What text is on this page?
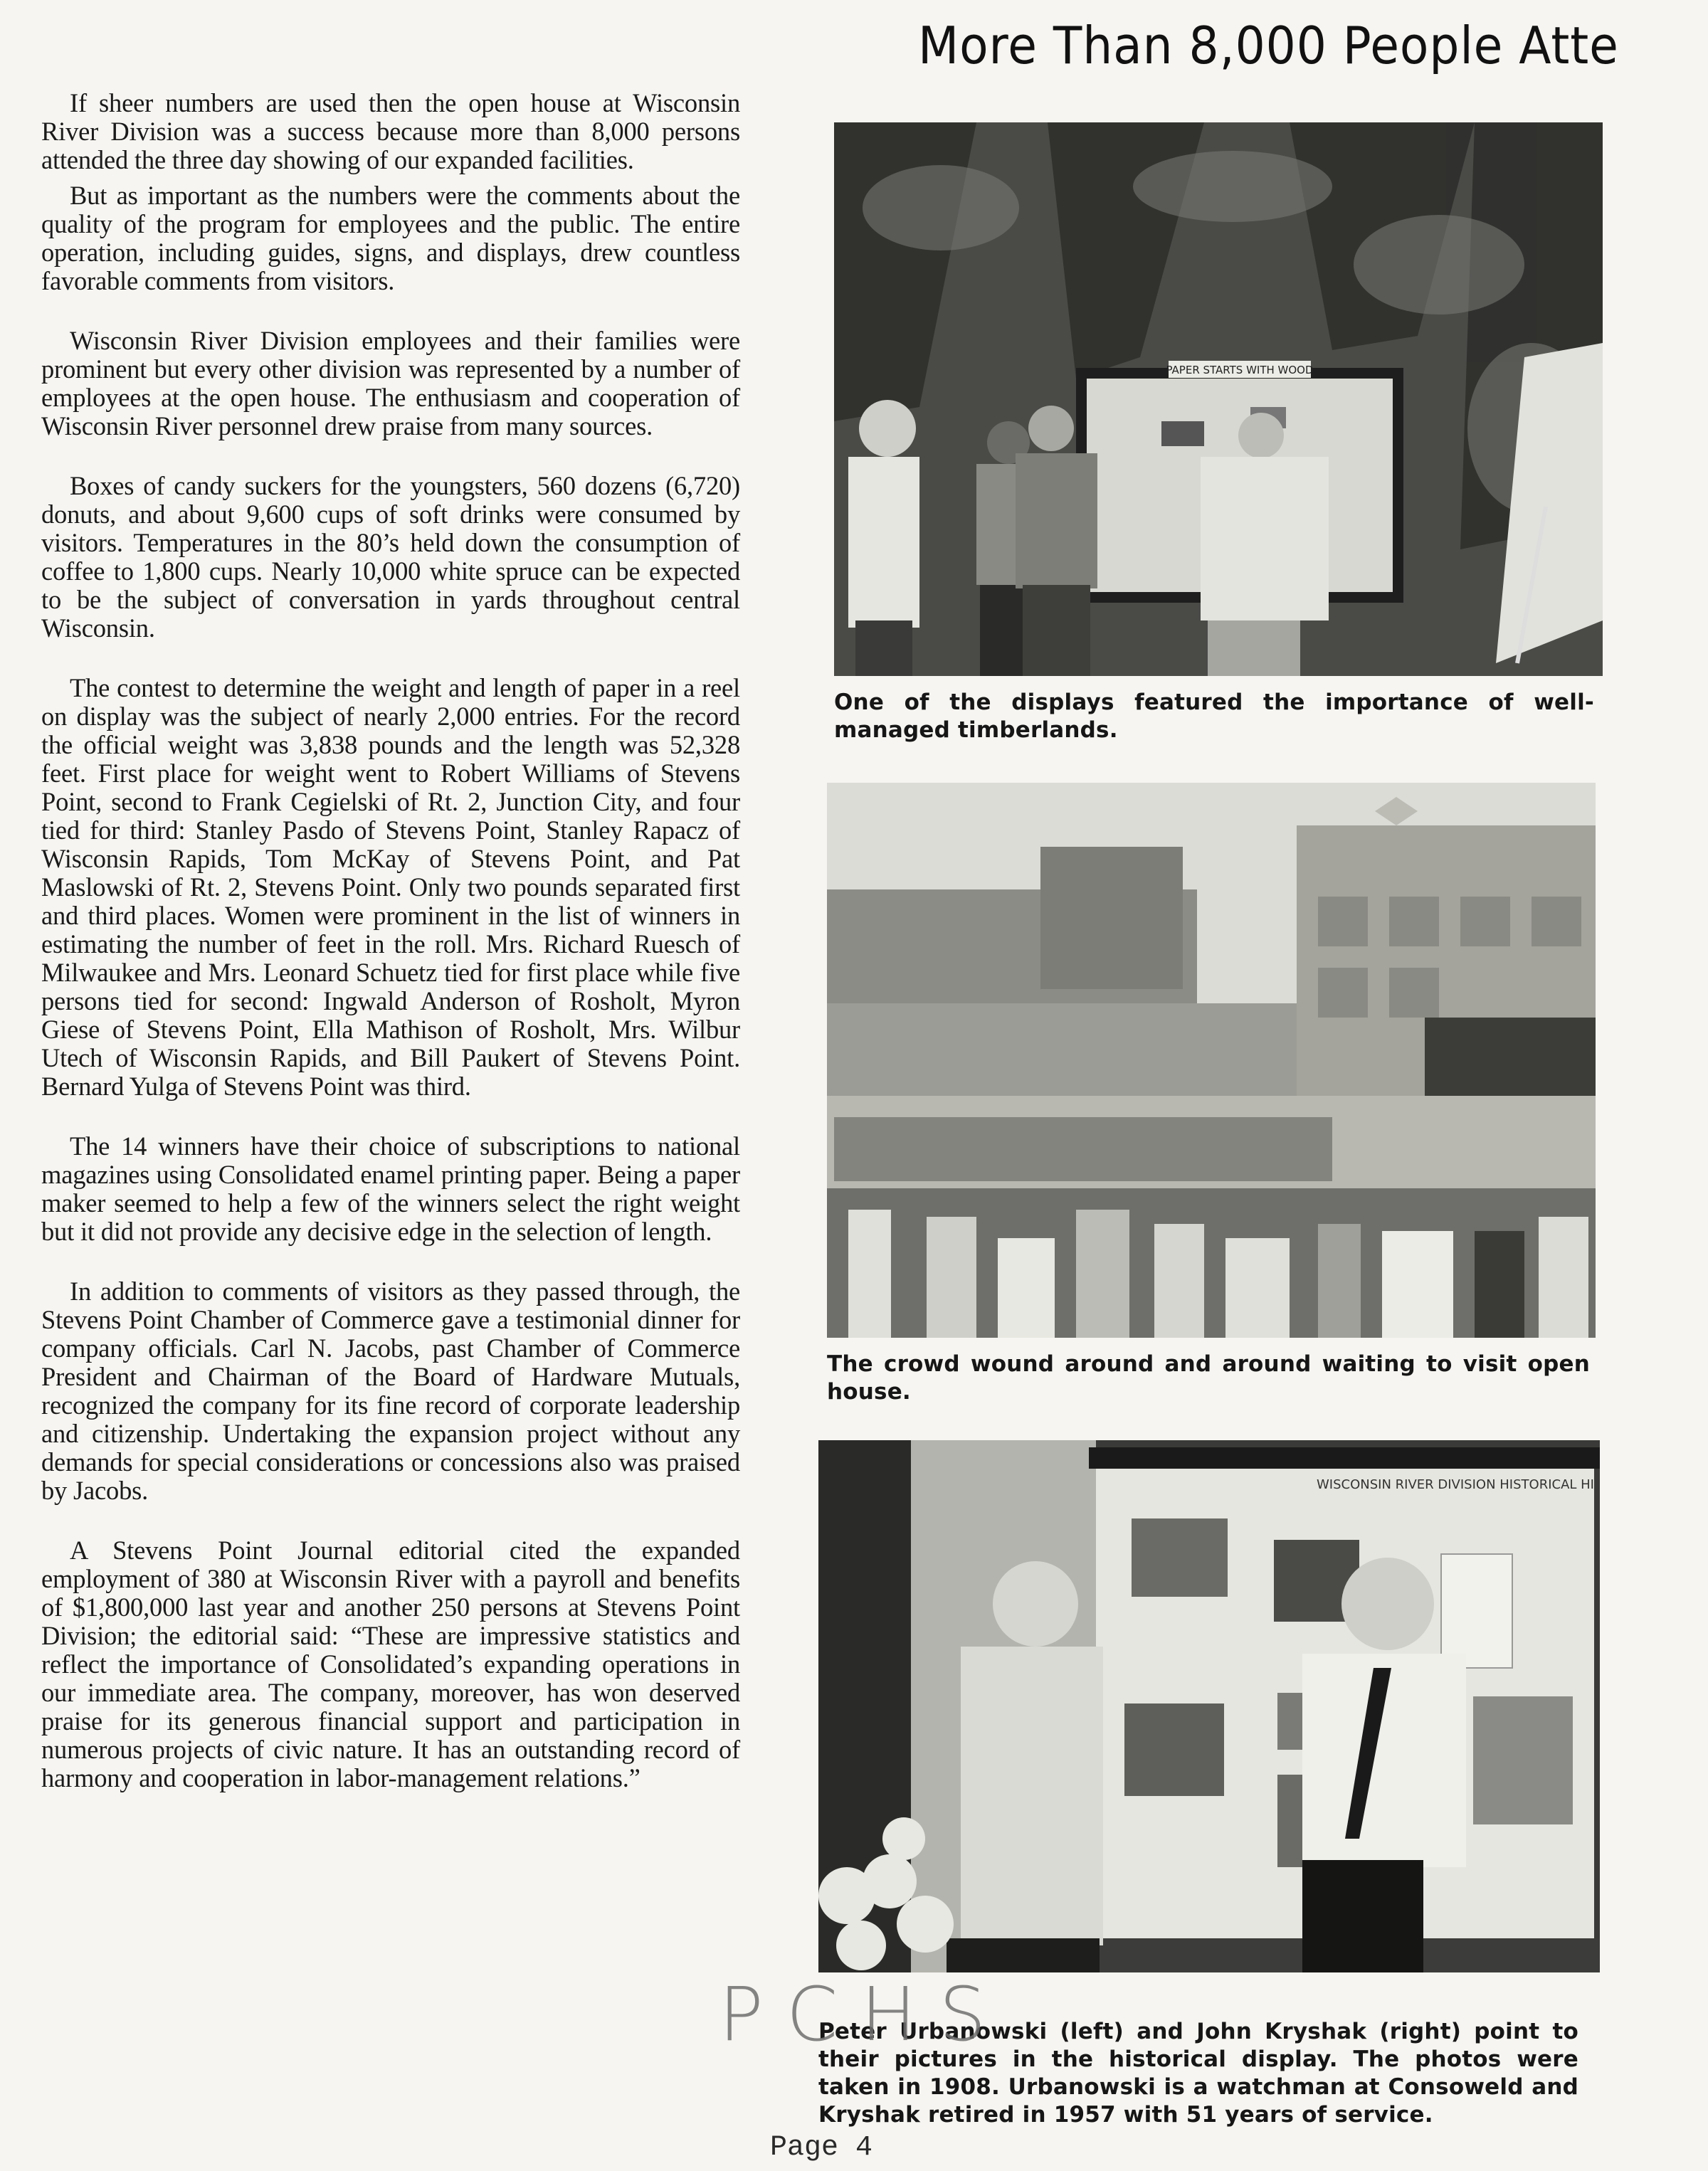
More Than 8,000 People Atte

If sheer numbers are used then the open house at Wisconsin River Division was a success because more than 8,000 persons attended the three day showing of our expanded facilities.

But as important as the numbers were the comments about the quality of the program for employees and the public. The entire operation, including guides, signs, and displays, drew countless favorable comments from visitors.

Wisconsin River Division employees and their families were prominent but every other division was represented by a number of employees at the open house. The enthusiasm and cooperation of Wisconsin River personnel drew praise from many sources.

Boxes of candy suckers for the youngsters, 560 dozens (6,720) donuts, and about 9,600 cups of soft drinks were consumed by visitors. Temperatures in the 80’s held down the consumption of coffee to 1,800 cups. Nearly 10,000 white spruce can be expected to be the subject of conversation in yards throughout central Wisconsin.

The contest to determine the weight and length of paper in a reel on display was the subject of nearly 2,000 entries. For the record the official weight was 3,838 pounds and the length was 52,328 feet. First place for weight went to Robert Williams of Stevens Point, second to Frank Cegielski of Rt. 2, Junction City, and four tied for third: Stanley Pasdo of Stevens Point, Stanley Rapacz of Wisconsin Rapids, Tom McKay of Stevens Point, and Pat Maslowski of Rt. 2, Stevens Point. Only two pounds separated first and third places. Women were prominent in the list of winners in estimating the number of feet in the roll. Mrs. Richard Ruesch of Milwaukee and Mrs. Leonard Schuetz tied for first place while five persons tied for second: Ingwald Anderson of Rosholt, Myron Giese of Stevens Point, Ella Mathison of Rosholt, Mrs. Wilbur Utech of Wisconsin Rapids, and Bill Paukert of Stevens Point. Bernard Yulga of Stevens Point was third.

The 14 winners have their choice of subscriptions to national magazines using Consolidated enamel printing paper. Being a paper maker seemed to help a few of the winners select the right weight but it did not provide any decisive edge in the selection of length.

In addition to comments of visitors as they passed through, the Stevens Point Chamber of Commerce gave a testimonial dinner for company officials. Carl N. Jacobs, past Chamber of Commerce President and Chairman of the Board of Hardware Mutuals, recognized the company for its fine record of corporate leadership and citizenship. Undertaking the expansion project without any demands for special considerations or concessions also was praised by Jacobs.

A Stevens Point Journal editorial cited the expanded employment of 380 at Wisconsin River with a payroll and benefits of $1,800,000 last year and another 250 persons at Stevens Point Division; the editorial said: “These are impressive statistics and reflect the importance of Consolidated’s expanding operations in our immediate area. The company, moreover, has won deserved praise for its generous financial support and participation in numerous projects of civic nature. It has an outstanding record of harmony and cooperation in labor-management relations.”

PAPER STARTS WITH WOOD
One of the displays featured the importance of well-managed timberlands.
The crowd wound around and around waiting to visit open house.
WISCONSIN RIVER DIVISION HISTORICAL HI
Peter Urbanowski (left) and John Kryshak (right) point to their pictures in the historical display. The photos were taken in 1908. Urbanowski is a watchman at Consoweld and Kryshak retired in 1957 with 51 years of service.
PCHS
Page 4
